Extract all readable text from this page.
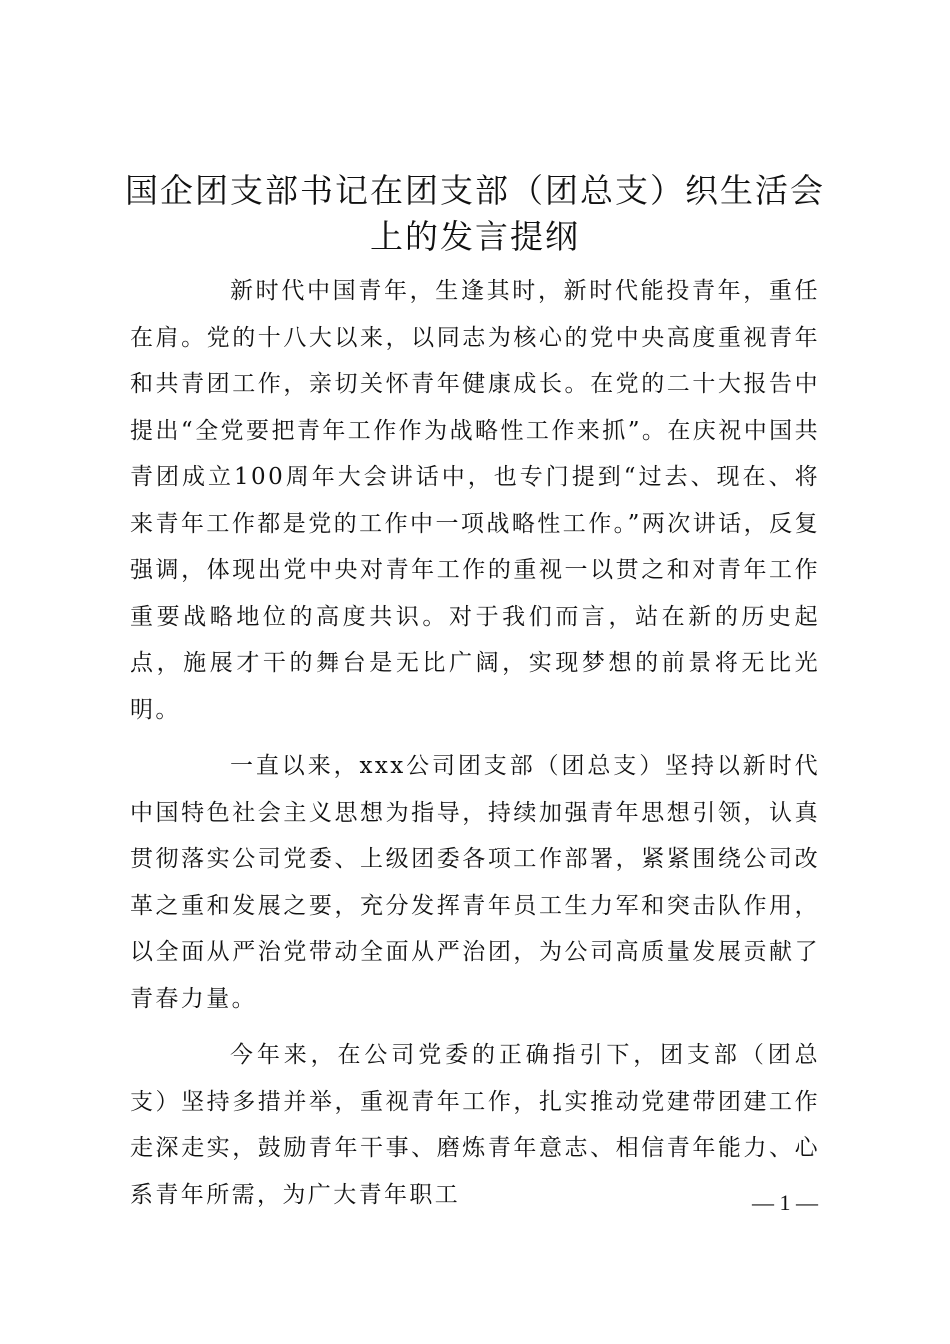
国企团支部书记在团支部（团总支）织生活会上的发言提纲

新时代中国青年，生逢其时，新时代能投青年，重任在肩。党的十八大以来，以同志为核心的党中央高度重视青年和共青团工作，亲切关怀青年健康成长。在党的二十大报告中提出“全党要把青年工作作为战略性工作来抓”。在庆祝中国共青团成立100周年大会讲话中，也专门提到“过去、现在、将来青年工作都是党的工作中一项战略性工作。”两次讲话，反复强调，体现出党中央对青年工作的重视一以贯之和对青年工作重要战略地位的高度共识。对于我们而言，站在新的历史起点，施展才干的舞台是无比广阔，实现梦想的前景将无比光明。

一直以来，xxx公司团支部（团总支）坚持以新时代中国特色社会主义思想为指导，持续加强青年思想引领，认真贯彻落实公司党委、上级团委各项工作部署，紧紧围绕公司改革之重和发展之要，充分发挥青年员工生力军和突击队作用，以全面从严治党带动全面从严治团，为公司高质量发展贡献了青春力量。

今年来，在公司党委的正确指引下，团支部（团总支）坚持多措并举，重视青年工作，扎实推动党建带团建工作走深走实，鼓励青年干事、磨炼青年意志、相信青年能力、心系青年所需，为广大青年职工	— 1 —
